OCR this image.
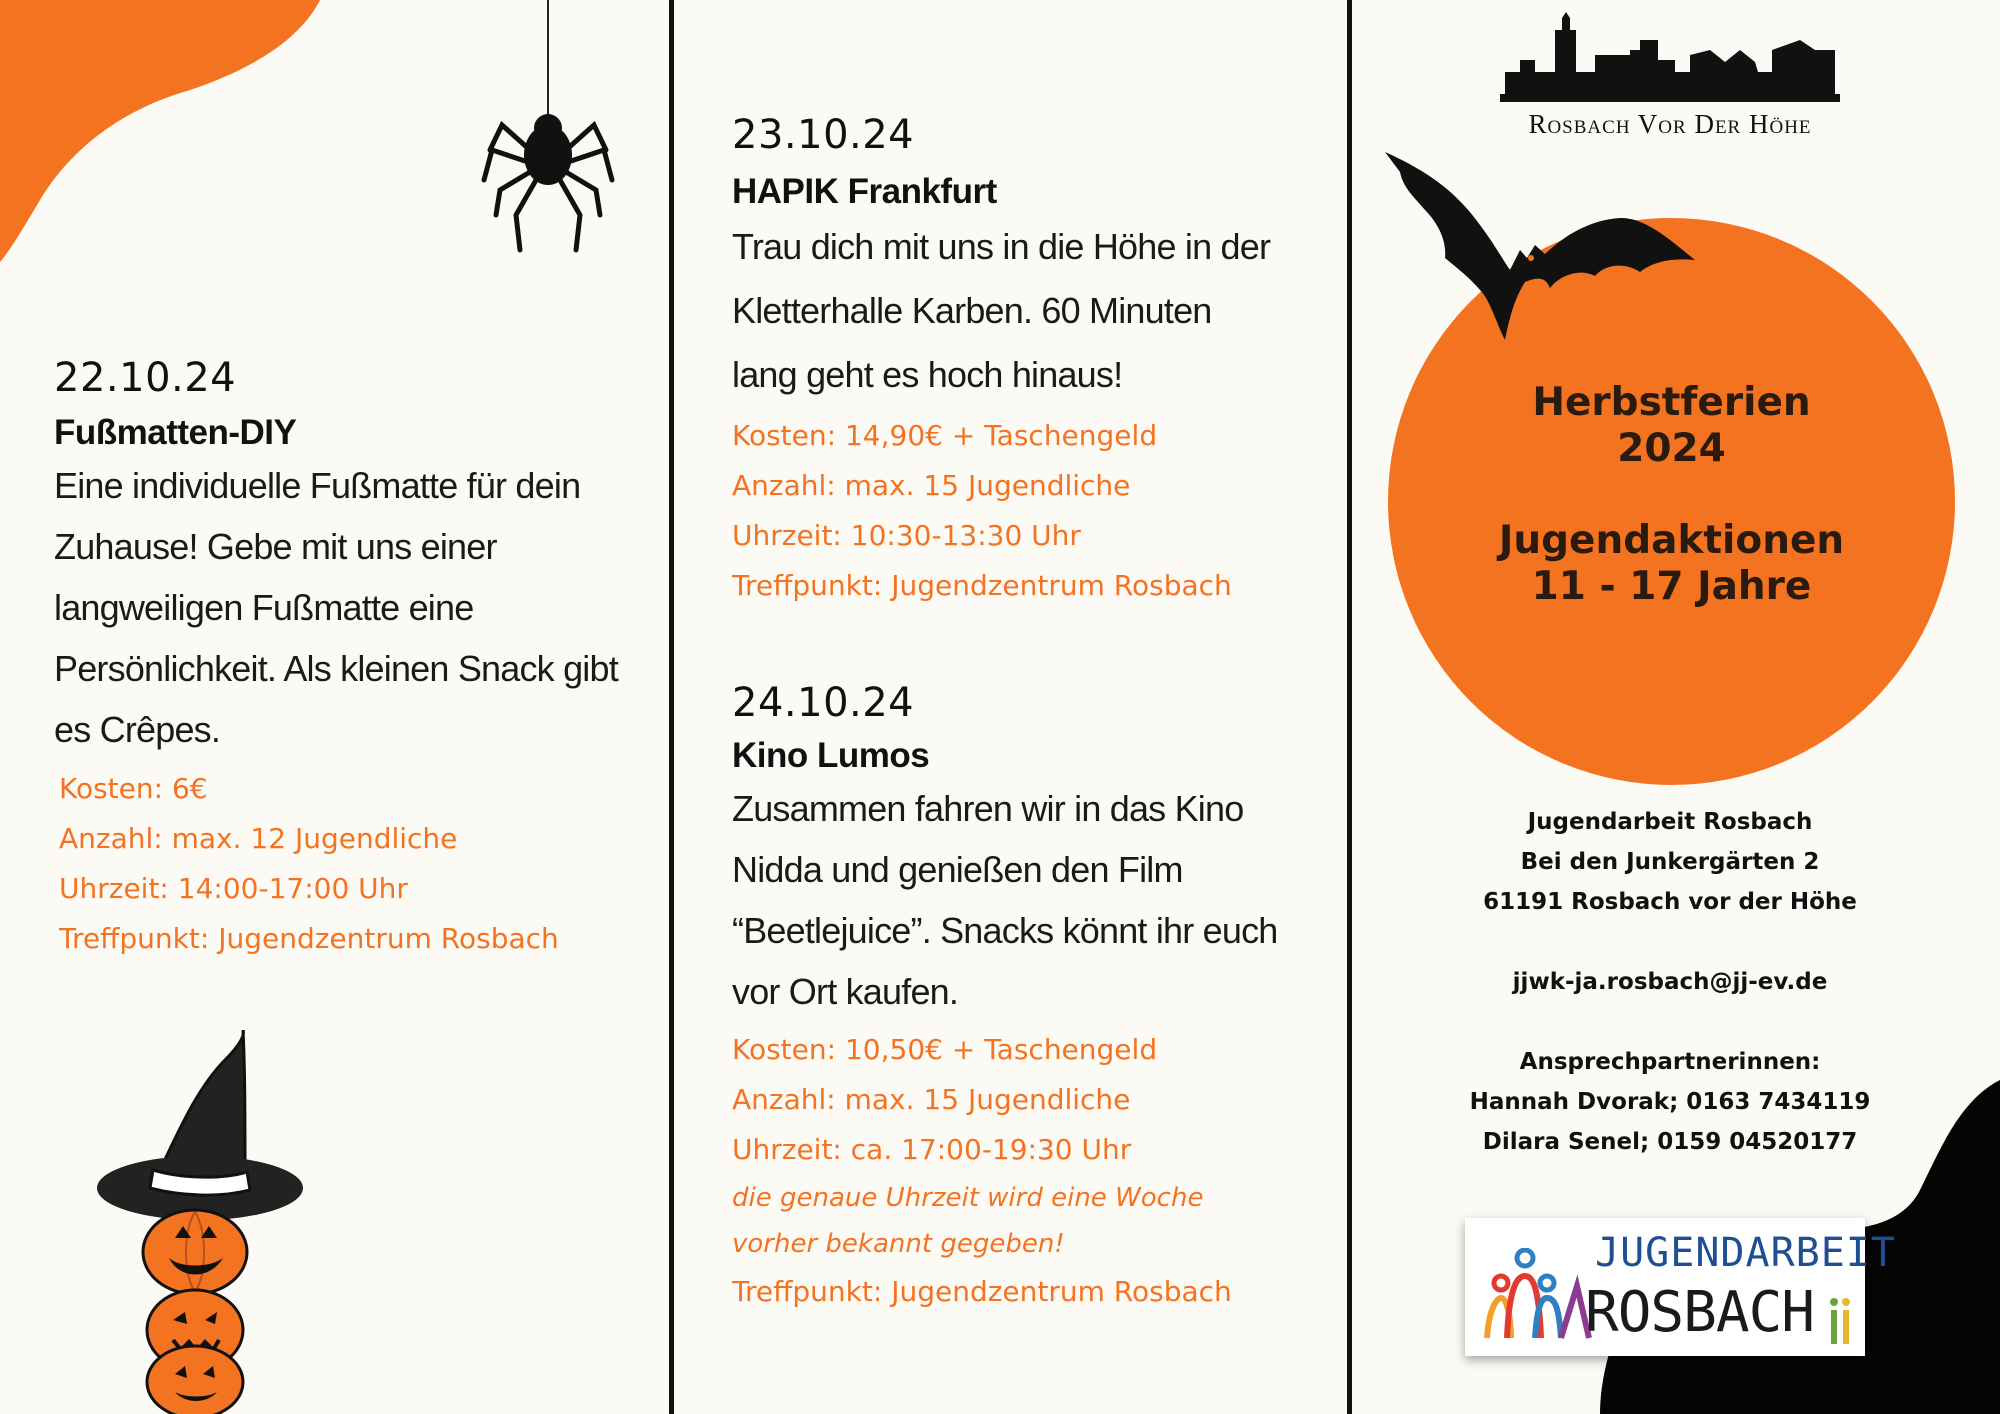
22.10.24
Fußmatten-DIY
Eine individuelle Fußmatte für dein
Zuhause! Gebe mit uns einer
langweiligen Fußmatte eine
Persönlichkeit. Als kleinen Snack gibt
es Crêpes.
Kosten: 6€
Anzahl: max. 12 Jugendliche
Uhrzeit: 14:00-17:00 Uhr
Treffpunkt: Jugendzentrum Rosbach
23.10.24
HAPIK Frankfurt
Trau dich mit uns in die Höhe in der
Kletterhalle Karben. 60 Minuten
lang geht es hoch hinaus!
Kosten: 14,90€ + Taschengeld
Anzahl: max. 15 Jugendliche
Uhrzeit: 10:30-13:30 Uhr
Treffpunkt: Jugendzentrum Rosbach
24.10.24
Kino Lumos
Zusammen fahren wir in das Kino
Nidda und genießen den Film
“Beetlejuice”. Snacks könnt ihr euch
vor Ort kaufen.
Kosten: 10,50€ + Taschengeld
Anzahl: max. 15 Jugendliche
Uhrzeit: ca. 17:00-19:30 Uhr
die genaue Uhrzeit wird eine Woche
vorher bekannt gegeben!
Treffpunkt: Jugendzentrum Rosbach
Rosbach Vor Der Höhe
Herbstferien
2024
Jugendaktionen
11 - 17 Jahre
Jugendarbeit Rosbach
Bei den Junkergärten 2
61191 Rosbach vor der Höhe
jjwk-ja.rosbach@jj-ev.de
Ansprechpartnerinnen:
Hannah Dvorak; 0163 7434119
Dilara Senel; 0159 04520177
JUGENDARBEIT
ROSBACH
